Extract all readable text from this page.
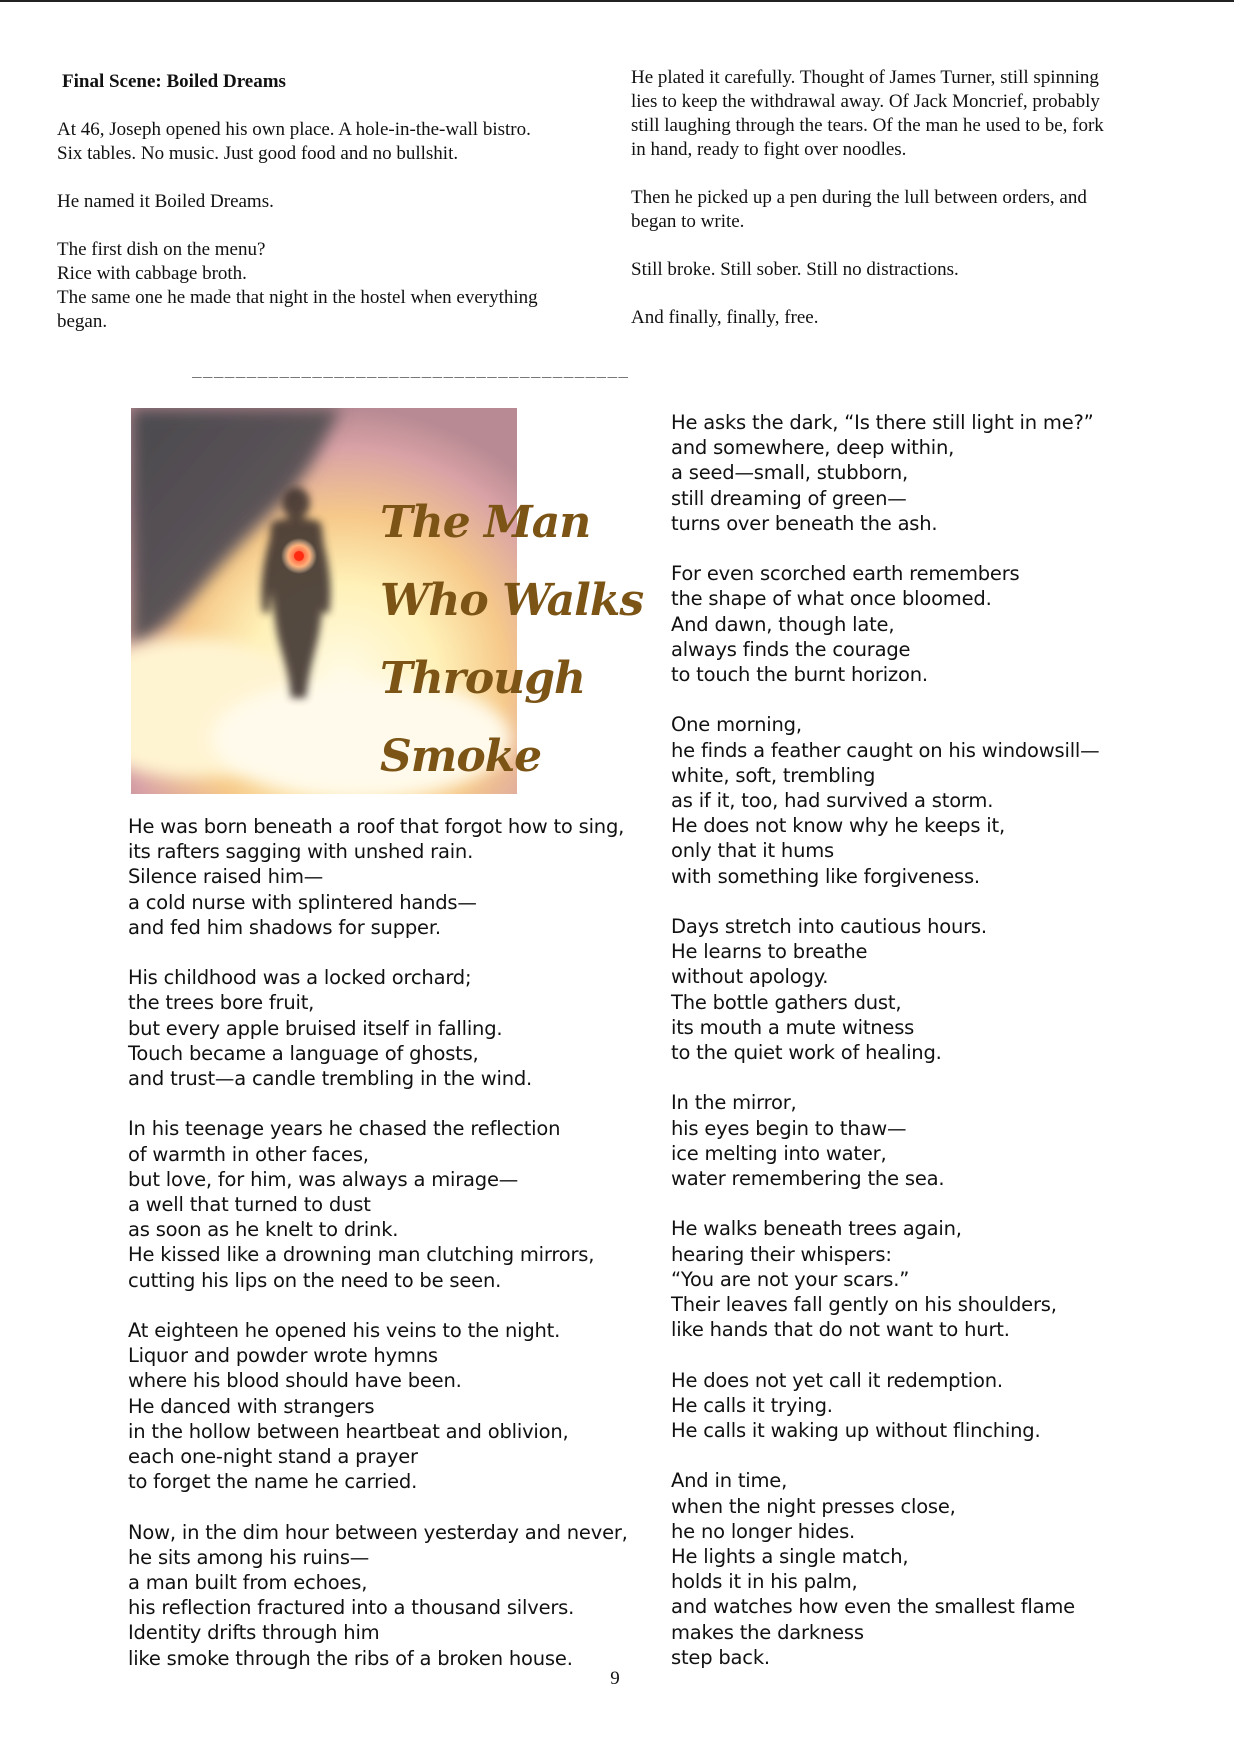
Final Scene: Boiled Dreams
At 46, Joseph opened his own place. A hole-in-the-wall bistro.
Six tables. No music. Just good food and no bullshit.
He named it Boiled Dreams.
The first dish on the menu?
Rice with cabbage broth.
The same one he made that night in the hostel when everything
began.
He plated it carefully. Thought of James Turner, still spinning
lies to keep the withdrawal away. Of Jack Moncrief, probably
still laughing through the tears. Of the man he used to be, fork
in hand, ready to fight over noodles.
Then he picked up a pen during the lull between orders, and
began to write.
Still broke. Still sober. Still no distractions.
And finally, finally, free.
________________________________________
The Man
Who Walks
Through
Smoke
He was born beneath a roof that forgot how to sing,
its rafters sagging with unshed rain.
Silence raised him—
a cold nurse with splintered hands—
and fed him shadows for supper.
His childhood was a locked orchard;
the trees bore fruit,
but every apple bruised itself in falling.
Touch became a language of ghosts,
and trust—a candle trembling in the wind.
In his teenage years he chased the reflection
of warmth in other faces,
but love, for him, was always a mirage—
a well that turned to dust
as soon as he knelt to drink.
He kissed like a drowning man clutching mirrors,
cutting his lips on the need to be seen.
At eighteen he opened his veins to the night.
Liquor and powder wrote hymns
where his blood should have been.
He danced with strangers
in the hollow between heartbeat and oblivion,
each one-night stand a prayer
to forget the name he carried.
Now, in the dim hour between yesterday and never,
he sits among his ruins—
a man built from echoes,
his reflection fractured into a thousand silvers.
Identity drifts through him
like smoke through the ribs of a broken house.
He asks the dark, “Is there still light in me?”
and somewhere, deep within,
a seed—small, stubborn,
still dreaming of green—
turns over beneath the ash.
For even scorched earth remembers
the shape of what once bloomed.
And dawn, though late,
always finds the courage
to touch the burnt horizon.
One morning,
he finds a feather caught on his windowsill—
white, soft, trembling
as if it, too, had survived a storm.
He does not know why he keeps it,
only that it hums
with something like forgiveness.
Days stretch into cautious hours.
He learns to breathe
without apology.
The bottle gathers dust,
its mouth a mute witness
to the quiet work of healing.
In the mirror,
his eyes begin to thaw—
ice melting into water,
water remembering the sea.
He walks beneath trees again,
hearing their whispers:
“You are not your scars.”
Their leaves fall gently on his shoulders,
like hands that do not want to hurt.
He does not yet call it redemption.
He calls it trying.
He calls it waking up without flinching.
And in time,
when the night presses close,
he no longer hides.
He lights a single match,
holds it in his palm,
and watches how even the smallest flame
makes the darkness
step back.
9
